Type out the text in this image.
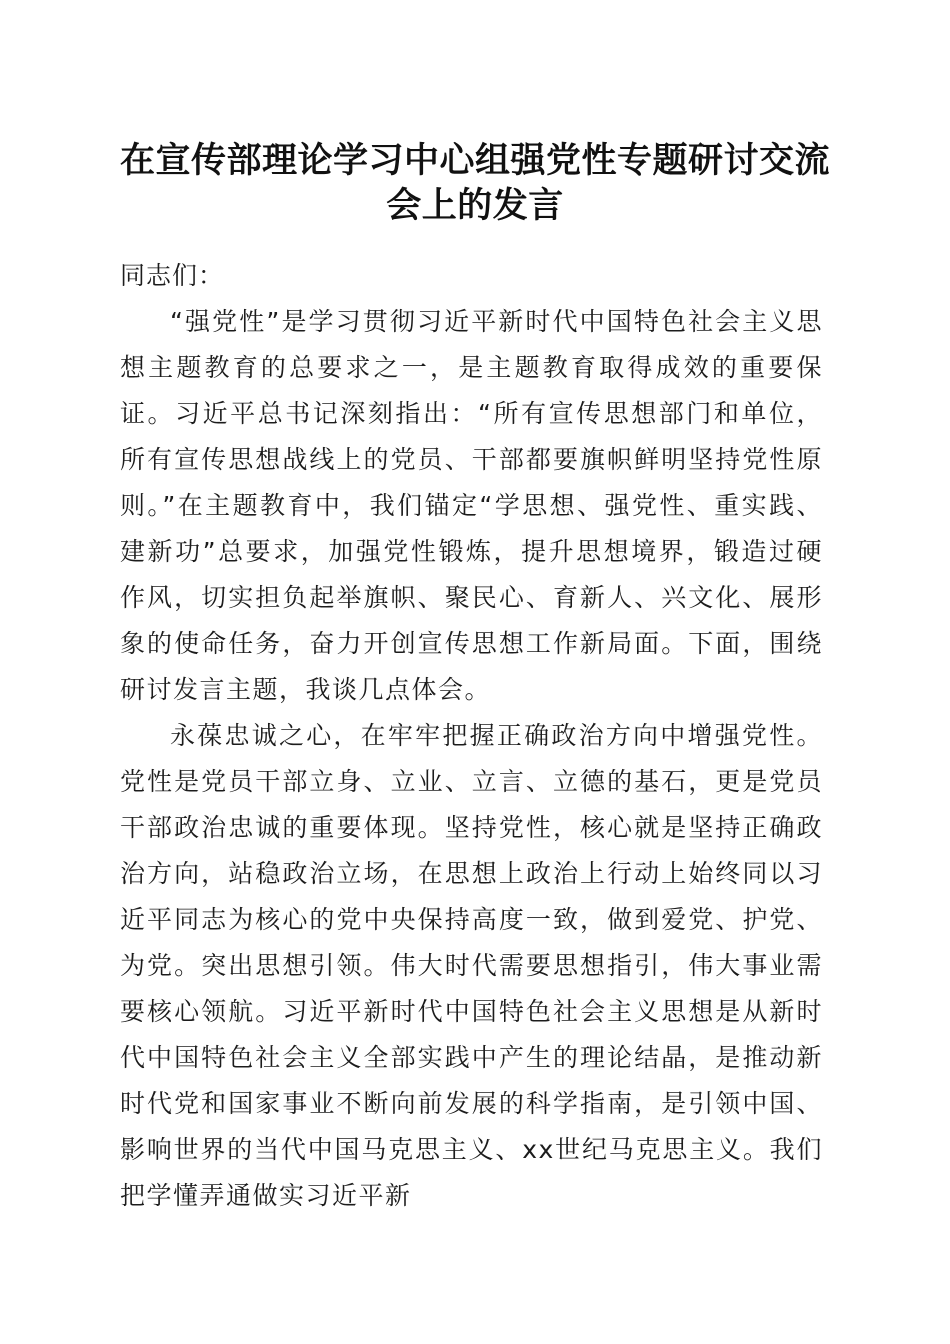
在宣传部理论学习中心组强党性专题研讨交流会上的发言

同志们：

“强党性”是学习贯彻习近平新时代中国特色社会主义思想主题教育的总要求之一，是主题教育取得成效的重要保证。习近平总书记深刻指出：“所有宣传思想部门和单位，所有宣传思想战线上的党员、干部都要旗帜鲜明坚持党性原则。”在主题教育中，我们锚定“学思想、强党性、重实践、建新功”总要求，加强党性锻炼，提升思想境界，锻造过硬作风，切实担负起举旗帜、聚民心、育新人、兴文化、展形象的使命任务，奋力开创宣传思想工作新局面。下面，围绕研讨发言主题，我谈几点体会。

永葆忠诚之心，在牢牢把握正确政治方向中增强党性。党性是党员干部立身、立业、立言、立德的基石，更是党员干部政治忠诚的重要体现。坚持党性，核心就是坚持正确政治方向，站稳政治立场，在思想上政治上行动上始终同以习近平同志为核心的党中央保持高度一致，做到爱党、护党、为党。突出思想引领。伟大时代需要思想指引，伟大事业需要核心领航。习近平新时代中国特色社会主义思想是从新时代中国特色社会主义全部实践中产生的理论结晶，是推动新时代党和国家事业不断向前发展的科学指南，是引领中国、影响世界的当代中国马克思主义、xx世纪马克思主义。我们把学懂弄通做实习近平新
